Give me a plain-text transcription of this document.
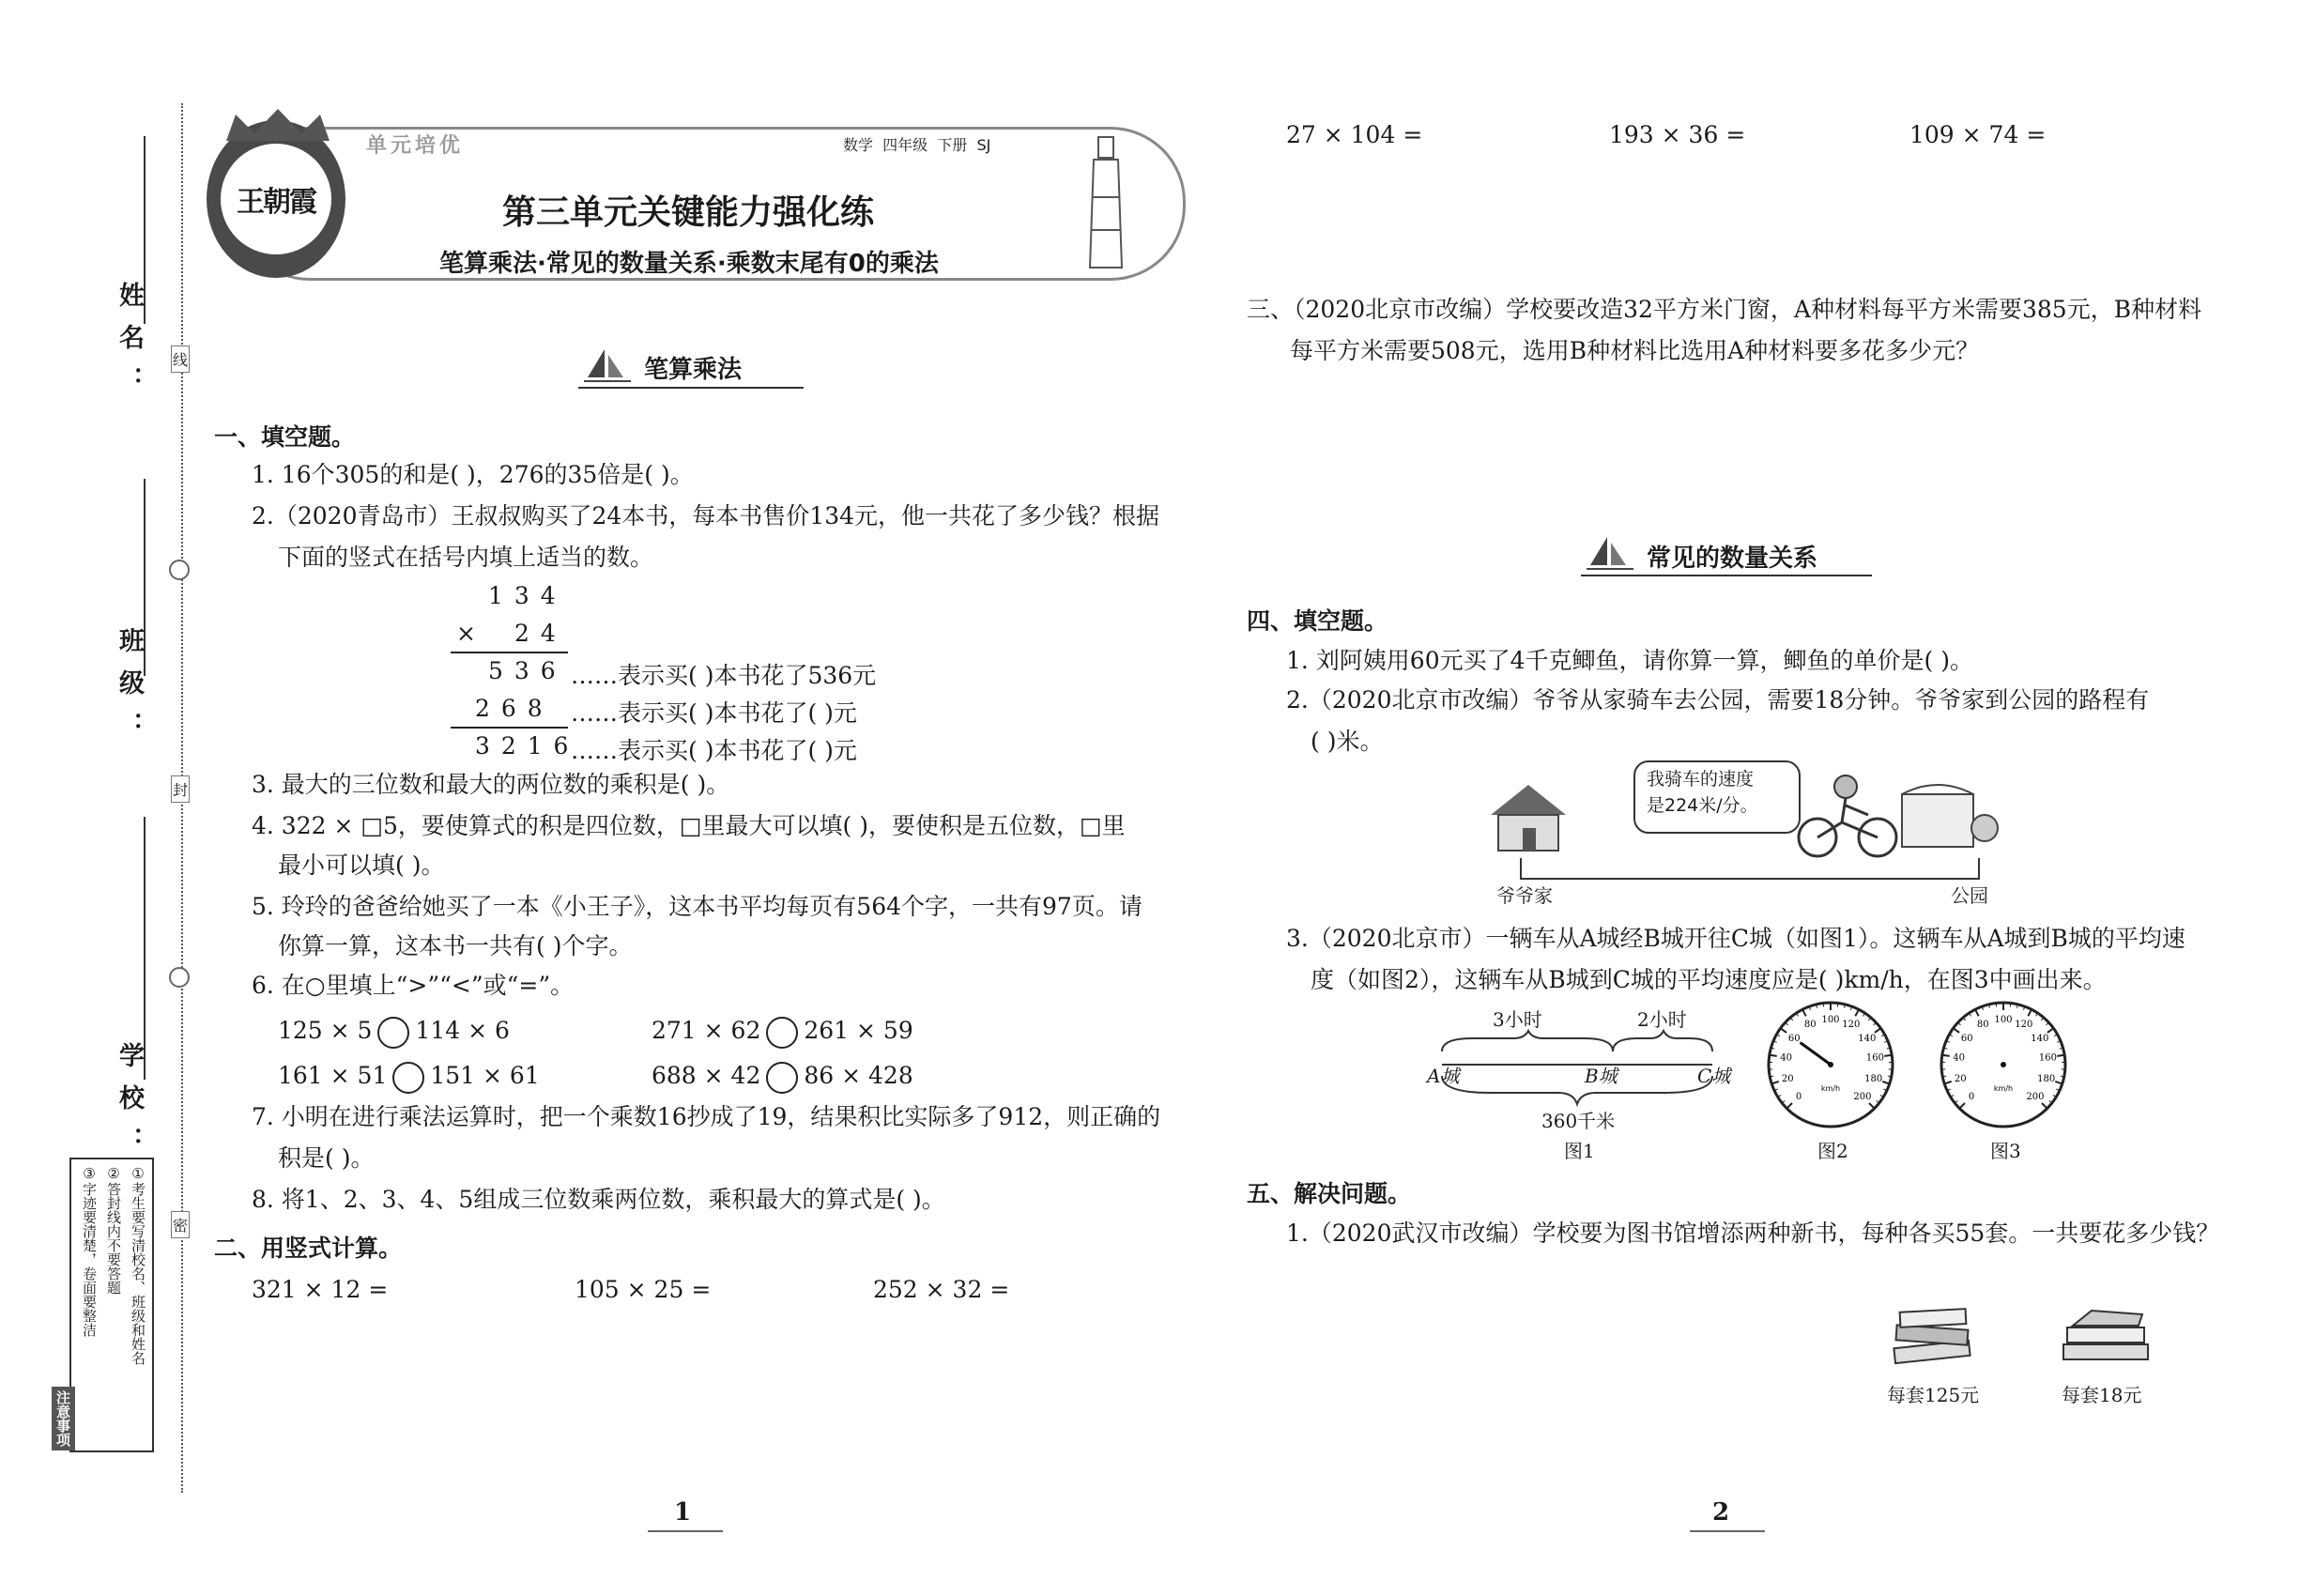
线
封
密
姓名：
班级：
学校：
①考生要写清校名、班级和姓名
②答封线内不要答题
③字迹要清楚，卷面要整洁
注意事项
王朝霞
单元培优	数学  四年级  下册  SJ
第三单元关键能力强化练
笔算乘法·常见的数量关系·乘数末尾有0的乘法
笔算乘法
一、填空题。
1. 16个305的和是( )，276的35倍是( )。
2.（2020青岛市）王叔叔购买了24本书，每本书售价134元，他一共花了多少钱？根据
下面的竖式在括号内填上适当的数。
1 3 4
× 2 4
5 3 6 ……表示买( )本书花了536元
2 6 8 ……表示买( )本书花了( )元
3 2 1 6 ……表示买( )本书花了( )元
3. 最大的三位数和最大的两位数的乘积是( )。
4. 322 × □5，要使算式的积是四位数，□里最大可以填( )，要使积是五位数，□里
最小可以填( )。
5. 玲玲的爸爸给她买了一本《小王子》，这本书平均每页有564个字，一共有97页。请
你算一算，这本书一共有( )个字。
6. 在○里填上“>”“<”或“=”。
125 × 5 114 × 6	271 × 62 261 × 59
161 × 51 151 × 61	688 × 42 86 × 428
7. 小明在进行乘法运算时，把一个乘数16抄成了19，结果积比实际多了912，则正确的
积是( )。
8. 将1、2、3、4、5组成三位数乘两位数，乘积最大的算式是( )。
二、用竖式计算。
321 × 12 =	105 × 25 =	252 × 32 =
1
27 × 104 =	193 × 36 =	109 × 74 =
三、（2020北京市改编）学校要改造32平方米门窗，A种材料每平方米需要385元，B种材料
每平方米需要508元，选用B种材料比选用A种材料要多花多少元？
常见的数量关系
四、填空题。
1. 刘阿姨用60元买了4千克鲫鱼，请你算一算，鲫鱼的单价是( )。
2.（2020北京市改编）爷爷从家骑车去公园，需要18分钟。爷爷家到公园的路程有
( )米。
我骑车的速度
是224米/分。
爷爷家	公园
3.（2020北京市）一辆车从A城经B城开往C城（如图1）。这辆车从A城到B城的平均速
度（如图2），这辆车从B城到C城的平均速度应是( )km/h，在图3中画出来。
3小时	2小时
A城	B城	C城
360千米
图1
0
20
40
60
80 100 120
140
160
180
200
km/h
图2
0
20
40
60
80 100 120
140
160
180
200
km/h
图3
五、解决问题。
1.（2020武汉市改编）学校要为图书馆增添两种新书，每种各买55套。一共要花多少钱？
每套125元	每套18元
2
